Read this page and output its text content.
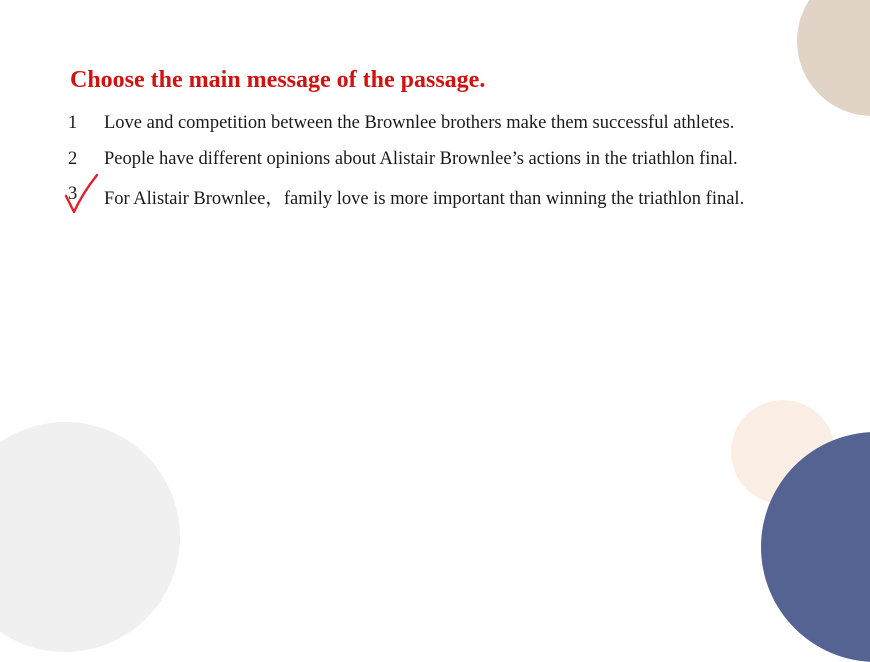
Choose the main message of the passage.
1 Love and competition between the Brownlee brothers make them successful athletes.
2 People have different opinions about Alistair Brownlee’s actions in the triathlon final.
3 For Alistair Brownlee，family love is more important than winning the triathlon final.
